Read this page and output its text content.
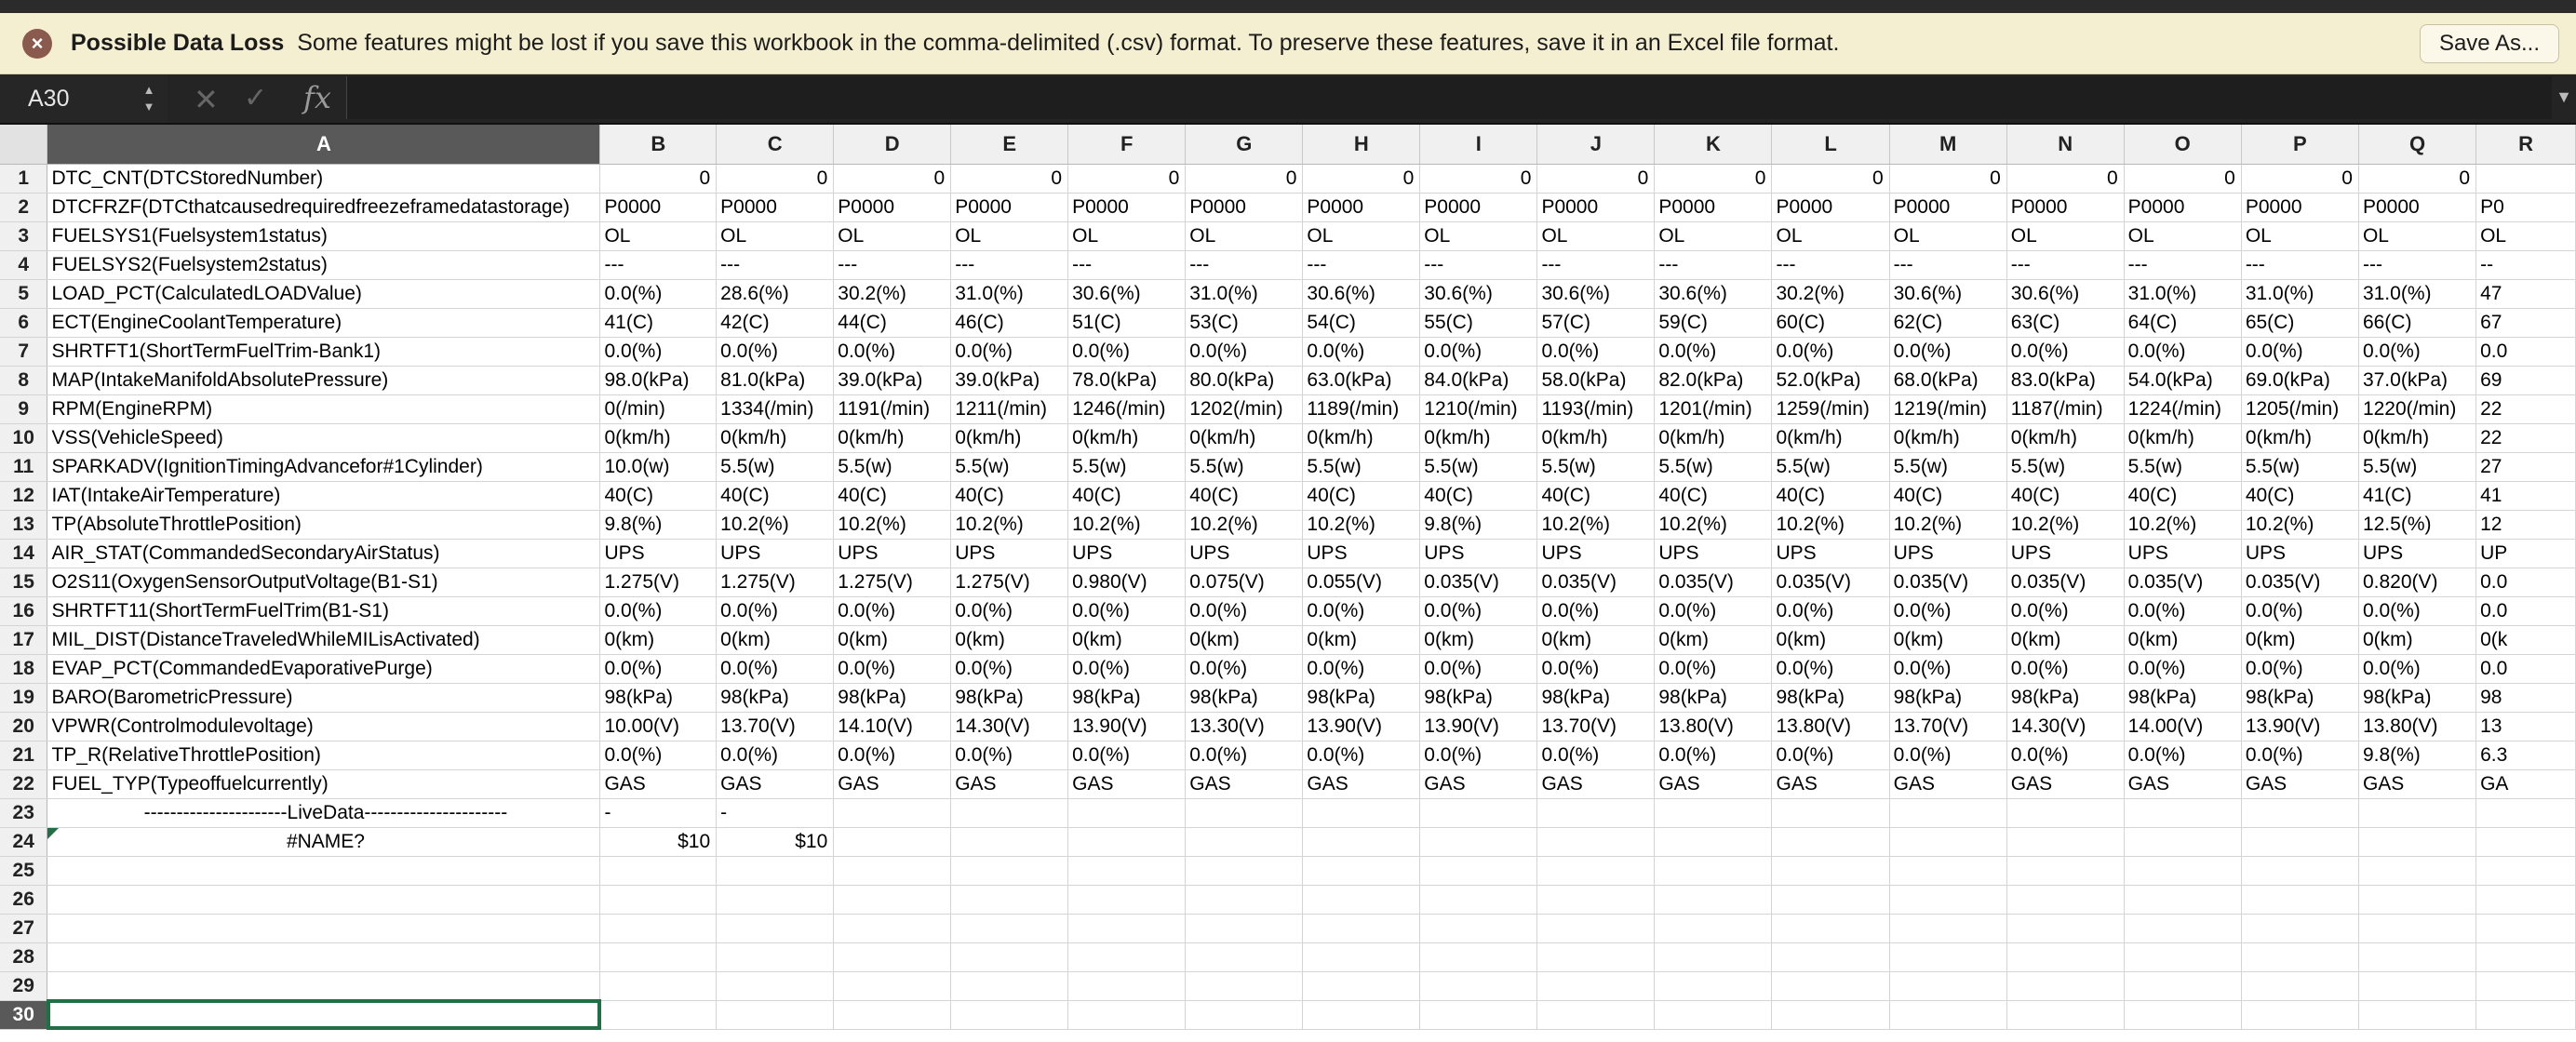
×	Possible Data Loss Some features might be lost if you save this workbook in the comma-delimited (.csv) format. To preserve these features, save it in an Excel file format.	Save As...
A30	▲
▼ ✕ ✓ fx	▼
	A	B	C	D	E	F	G	H	I	J	K	L	M	N	O	P	Q	R
1	DTC_CNT(DTCStoredNumber)	0	0	0	0	0	0	0	0	0	0	0	0	0	0	0	0	
2	DTCFRZF(DTCthatcausedrequiredfreezeframedatastorage)	P0000	P0000	P0000	P0000	P0000	P0000	P0000	P0000	P0000	P0000	P0000	P0000	P0000	P0000	P0000	P0000	P0
3	FUELSYS1(Fuelsystem1status)	OL	OL	OL	OL	OL	OL	OL	OL	OL	OL	OL	OL	OL	OL	OL	OL	OL
4	FUELSYS2(Fuelsystem2status)	---	---	---	---	---	---	---	---	---	---	---	---	---	---	---	---	--
5	LOAD_PCT(CalculatedLOADValue)	0.0(%)	28.6(%)	30.2(%)	31.0(%)	30.6(%)	31.0(%)	30.6(%)	30.6(%)	30.6(%)	30.6(%)	30.2(%)	30.6(%)	30.6(%)	31.0(%)	31.0(%)	31.0(%)	47
6	ECT(EngineCoolantTemperature)	41(C)	42(C)	44(C)	46(C)	51(C)	53(C)	54(C)	55(C)	57(C)	59(C)	60(C)	62(C)	63(C)	64(C)	65(C)	66(C)	67
7	SHRTFT1(ShortTermFuelTrim-Bank1)	0.0(%)	0.0(%)	0.0(%)	0.0(%)	0.0(%)	0.0(%)	0.0(%)	0.0(%)	0.0(%)	0.0(%)	0.0(%)	0.0(%)	0.0(%)	0.0(%)	0.0(%)	0.0(%)	0.0
8	MAP(IntakeManifoldAbsolutePressure)	98.0(kPa)	81.0(kPa)	39.0(kPa)	39.0(kPa)	78.0(kPa)	80.0(kPa)	63.0(kPa)	84.0(kPa)	58.0(kPa)	82.0(kPa)	52.0(kPa)	68.0(kPa)	83.0(kPa)	54.0(kPa)	69.0(kPa)	37.0(kPa)	69
9	RPM(EngineRPM)	0(/min)	1334(/min)	1191(/min)	1211(/min)	1246(/min)	1202(/min)	1189(/min)	1210(/min)	1193(/min)	1201(/min)	1259(/min)	1219(/min)	1187(/min)	1224(/min)	1205(/min)	1220(/min)	22
10	VSS(VehicleSpeed)	0(km/h)	0(km/h)	0(km/h)	0(km/h)	0(km/h)	0(km/h)	0(km/h)	0(km/h)	0(km/h)	0(km/h)	0(km/h)	0(km/h)	0(km/h)	0(km/h)	0(km/h)	0(km/h)	22
11	SPARKADV(IgnitionTimingAdvancefor#1Cylinder)	10.0(w)	5.5(w)	5.5(w)	5.5(w)	5.5(w)	5.5(w)	5.5(w)	5.5(w)	5.5(w)	5.5(w)	5.5(w)	5.5(w)	5.5(w)	5.5(w)	5.5(w)	5.5(w)	27
12	IAT(IntakeAirTemperature)	40(C)	40(C)	40(C)	40(C)	40(C)	40(C)	40(C)	40(C)	40(C)	40(C)	40(C)	40(C)	40(C)	40(C)	40(C)	41(C)	41
13	TP(AbsoluteThrottlePosition)	9.8(%)	10.2(%)	10.2(%)	10.2(%)	10.2(%)	10.2(%)	10.2(%)	9.8(%)	10.2(%)	10.2(%)	10.2(%)	10.2(%)	10.2(%)	10.2(%)	10.2(%)	12.5(%)	12
14	AIR_STAT(CommandedSecondaryAirStatus)	UPS	UPS	UPS	UPS	UPS	UPS	UPS	UPS	UPS	UPS	UPS	UPS	UPS	UPS	UPS	UPS	UP
15	O2S11(OxygenSensorOutputVoltage(B1-S1)	1.275(V)	1.275(V)	1.275(V)	1.275(V)	0.980(V)	0.075(V)	0.055(V)	0.035(V)	0.035(V)	0.035(V)	0.035(V)	0.035(V)	0.035(V)	0.035(V)	0.035(V)	0.820(V)	0.0
16	SHRTFT11(ShortTermFuelTrim(B1-S1)	0.0(%)	0.0(%)	0.0(%)	0.0(%)	0.0(%)	0.0(%)	0.0(%)	0.0(%)	0.0(%)	0.0(%)	0.0(%)	0.0(%)	0.0(%)	0.0(%)	0.0(%)	0.0(%)	0.0
17	MIL_DIST(DistanceTraveledWhileMILisActivated)	0(km)	0(km)	0(km)	0(km)	0(km)	0(km)	0(km)	0(km)	0(km)	0(km)	0(km)	0(km)	0(km)	0(km)	0(km)	0(km)	0(k
18	EVAP_PCT(CommandedEvaporativePurge)	0.0(%)	0.0(%)	0.0(%)	0.0(%)	0.0(%)	0.0(%)	0.0(%)	0.0(%)	0.0(%)	0.0(%)	0.0(%)	0.0(%)	0.0(%)	0.0(%)	0.0(%)	0.0(%)	0.0
19	BARO(BarometricPressure)	98(kPa)	98(kPa)	98(kPa)	98(kPa)	98(kPa)	98(kPa)	98(kPa)	98(kPa)	98(kPa)	98(kPa)	98(kPa)	98(kPa)	98(kPa)	98(kPa)	98(kPa)	98(kPa)	98
20	VPWR(Controlmodulevoltage)	10.00(V)	13.70(V)	14.10(V)	14.30(V)	13.90(V)	13.30(V)	13.90(V)	13.90(V)	13.70(V)	13.80(V)	13.80(V)	13.70(V)	14.30(V)	14.00(V)	13.90(V)	13.80(V)	13
21	TP_R(RelativeThrottlePosition)	0.0(%)	0.0(%)	0.0(%)	0.0(%)	0.0(%)	0.0(%)	0.0(%)	0.0(%)	0.0(%)	0.0(%)	0.0(%)	0.0(%)	0.0(%)	0.0(%)	0.0(%)	9.8(%)	6.3
22	FUEL_TYP(Typeoffuelcurrently)	GAS	GAS	GAS	GAS	GAS	GAS	GAS	GAS	GAS	GAS	GAS	GAS	GAS	GAS	GAS	GAS	GA
23	----------------------LiveData----------------------	-	-															
24	#NAME?	$10	$10															
25																		
26																		
27																		
28																		
29																		
30																		
